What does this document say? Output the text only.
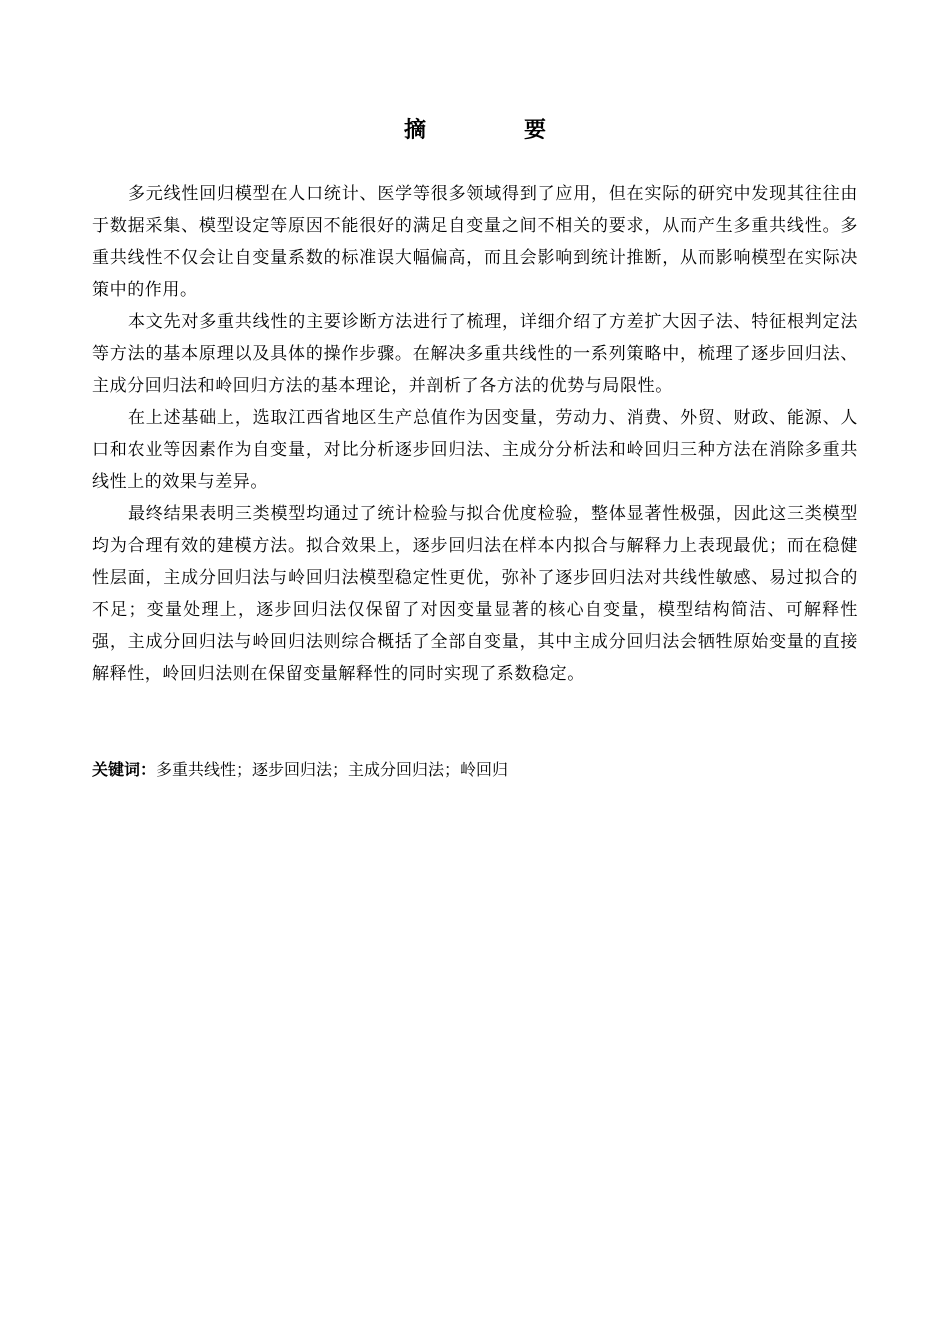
摘　要

多元线性回归模型在人口统计、医学等很多领域得到了应用，但在实际的研究中发现其往往由于数据采集、模型设定等原因不能很好的满足自变量之间不相关的要求，从而产生多重共线性。多重共线性不仅会让自变量系数的标准误大幅偏高，而且会影响到统计推断，从而影响模型在实际决策中的作用。

本文先对多重共线性的主要诊断方法进行了梳理，详细介绍了方差扩大因子法、特征根判定法等方法的基本原理以及具体的操作步骤。在解决多重共线性的一系列策略中，梳理了逐步回归法、主成分回归法和岭回归方法的基本理论，并剖析了各方法的优势与局限性。

在上述基础上，选取江西省地区生产总值作为因变量，劳动力、消费、外贸、财政、能源、人口和农业等因素作为自变量，对比分析逐步回归法、主成分分析法和岭回归三种方法在消除多重共线性上的效果与差异。

最终结果表明三类模型均通过了统计检验与拟合优度检验，整体显著性极强，因此这三类模型均为合理有效的建模方法。拟合效果上，逐步回归法在样本内拟合与解释力上表现最优；而在稳健性层面，主成分回归法与岭回归法模型稳定性更优，弥补了逐步回归法对共线性敏感、易过拟合的不足；变量处理上，逐步回归法仅保留了对因变量显著的核心自变量，模型结构简洁、可解释性强，主成分回归法与岭回归法则综合概括了全部自变量，其中主成分回归法会牺牲原始变量的直接解释性，岭回归法则在保留变量解释性的同时实现了系数稳定。

关键词：多重共线性；逐步回归法；主成分回归法；岭回归
